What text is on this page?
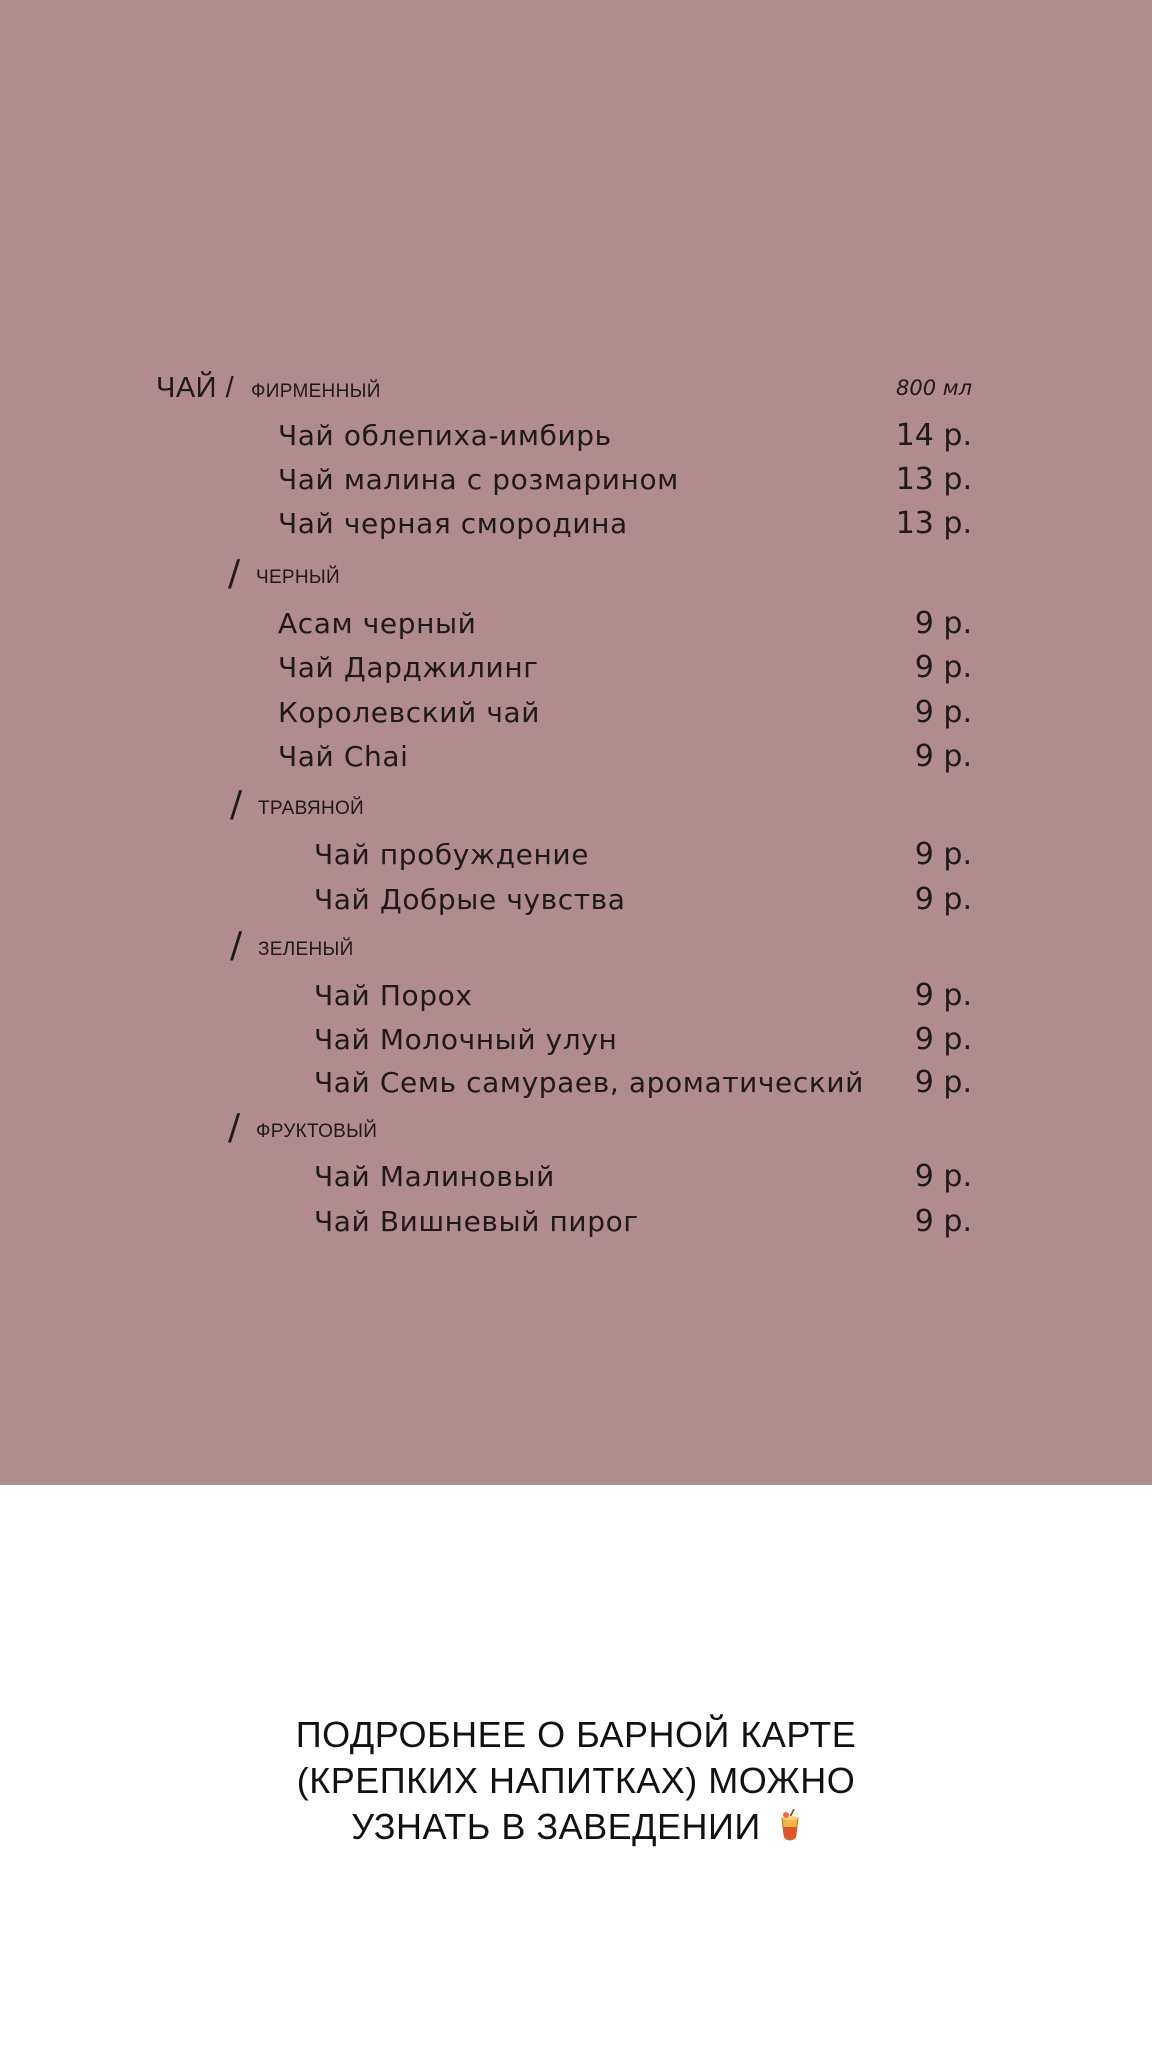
ЧАЙ / ФИРМЕННЫЙ	800 мл
Чай облепиха-имбирь	14 р.
Чай малина с розмарином	13 р.
Чай черная смородина	13 р.
/ ЧЕРНЫЙ
Асам черный	9 р.
Чай Дарджилинг	9 р.
Королевский чай	9 р.
Чай Chai	9 р.
/ ТРАВЯНОЙ
Чай пробуждение	9 р.
Чай Добрые чувства	9 р.
/ ЗЕЛЕНЫЙ
Чай Порох	9 р.
Чай Молочный улун	9 р.
Чай Семь самураев, ароматический 9 р.
/ ФРУКТОВЫЙ
Чай Малиновый	9 р.
Чай Вишневый пирог	9 р.
ПОДРОБНЕЕ О БАРНОЙ КАРТЕ
(КРЕПКИХ НАПИТКАХ) МОЖНО
УЗНАТЬ В ЗАВЕДЕНИИ
